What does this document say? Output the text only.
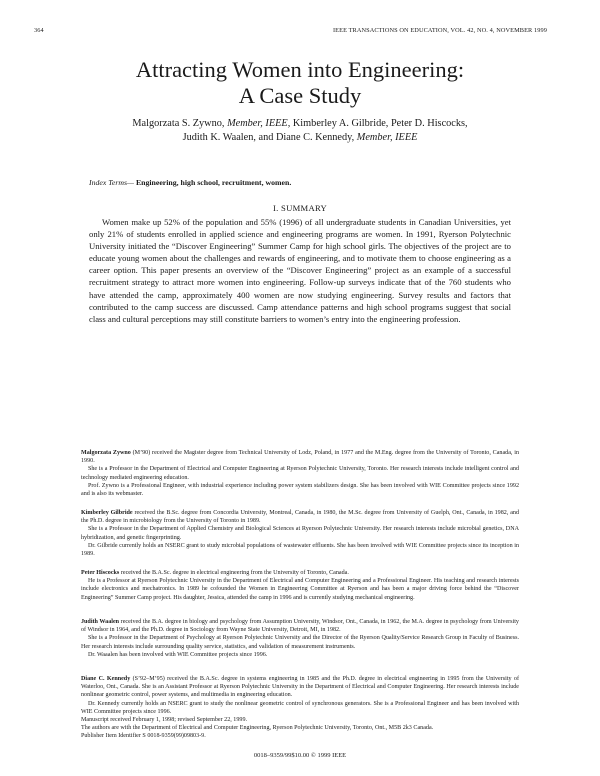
364	IEEE TRANSACTIONS ON EDUCATION, VOL. 42, NO. 4, NOVEMBER 1999
Attracting Women into Engineering:
A Case Study
Malgorzata S. Zywno, Member, IEEE, Kimberley A. Gilbride, Peter D. Hiscocks,
Judith K. Waalen, and Diane C. Kennedy, Member, IEEE
Index Terms— Engineering, high school, recruitment, women.
I. SUMMARY

Women make up 52% of the population and 55% (1996) of all undergraduate students in Canadian Universities, yet only 21% of students enrolled in applied science and engineering programs are women. In 1991, Ryerson Polytechnic University initiated the “Discover Engineering” Summer Camp for high school girls. The objectives of the project are to educate young women about the challenges and rewards of engineering, and to motivate them to choose engineering as a career option. This paper presents an overview of the “Discover Engineering” project as an example of a successful recruitment strategy to attract more women into engineering. Follow-up surveys indicate that of the 760 students who have attended the camp, approximately 400 women are now studying engineering. Survey results and factors that contributed to the camp success are discussed. Camp attendance patterns and high school programs suggest that social class and cultural perceptions may still constitute barriers to women’s entry into the engineering profession.

Malgorzata Zywno (M’90) received the Magister degree from Technical University of Lodz, Poland, in 1977 and the M.Eng. degree from the University of Toronto, Canada, in 1990.

She is a Professor in the Department of Electrical and Computer Engineering at Ryerson Polytechnic University, Toronto. Her research interests include intelligent control and technology mediated engineering education.

Prof. Zywno is a Professional Engineer, with industrial experience including power system stabilizers design. She has been involved with WIE Committee projects since 1992 and is also its webmaster.

Kimberley Gilbride received the B.Sc. degree from Concordia University, Montreal, Canada, in 1980, the M.Sc. degree from University of Guelph, Ont., Canada, in 1982, and the Ph.D. degree in microbiology from the University of Toronto in 1989.

She is a Professor in the Department of Applied Chemistry and Biological Sciences at Ryerson Polytechnic University. Her research interests include microbial genetics, DNA hybridization, and genetic fingerprinting.

Dr. Gilbride currently holds an NSERC grant to study microbial populations of wastewater effluents. She has been involved with WIE Committee projects since its inception in 1989.

Peter Hiscocks received the B.A.Sc. degree in electrical engineering from the University of Toronto, Canada.

He is a Professor at Ryerson Polytechnic University in the Department of Electrical and Computer Engineering and a Professional Engineer. His teaching and research interests include electronics and mechatronics. In 1989 he cofounded the Women in Engineering Committee at Ryerson and has been a major driving force behind the “Discover Engineering” Summer Camp project. His daughter, Jessica, attended the camp in 1996 and is currently studying mechanical engineering.

Judith Waalen received the B.A. degree in biology and psychology from Assumption University, Windsor, Ont., Canada, in 1962, the M.A. degree in psychology from University of Windsor in 1964, and the Ph.D. degree in Sociology from Wayne State University, Detroit, MI, in 1982.

She is a Professor in the Department of Psychology at Ryerson Polytechnic University and the Director of the Ryerson Quality/Service Research Group in Faculty of Business. Her research interests include surrounding quality service, statistics, and validation of measurement instruments.

Dr. Waaalen has been involved with WIE Committee projects since 1996.

Diane C. Kennedy (S’92–M’95) received the B.A.Sc. degree in systems engineering in 1985 and the Ph.D. degree in electrical engineering in 1995 from the University of Waterloo, Ont., Canada. She is an Assistant Professor at Ryerson Polytechnic University in the Department of Electrical and Computer Engineering. Her research interests include nonlinear geometric control, power systems, and multimedia in engineering education.

Dr. Kennedy currently holds an NSERC grant to study the nonlinear geometric control of synchronous generators. She is a Professional Engineer and has been involved with WIE Committee projects since 1996.

Manuscript received February 1, 1998; revised September 22, 1999.

The authors are with the Department of Electrical and Computer Engineering, Ryerson Polytechnic University, Toronto, Ont., M5B 2k3 Canada.

Publisher Item Identifier S 0018-9359(99)09803-9.

0018–9359/99$10.00 © 1999 IEEE
